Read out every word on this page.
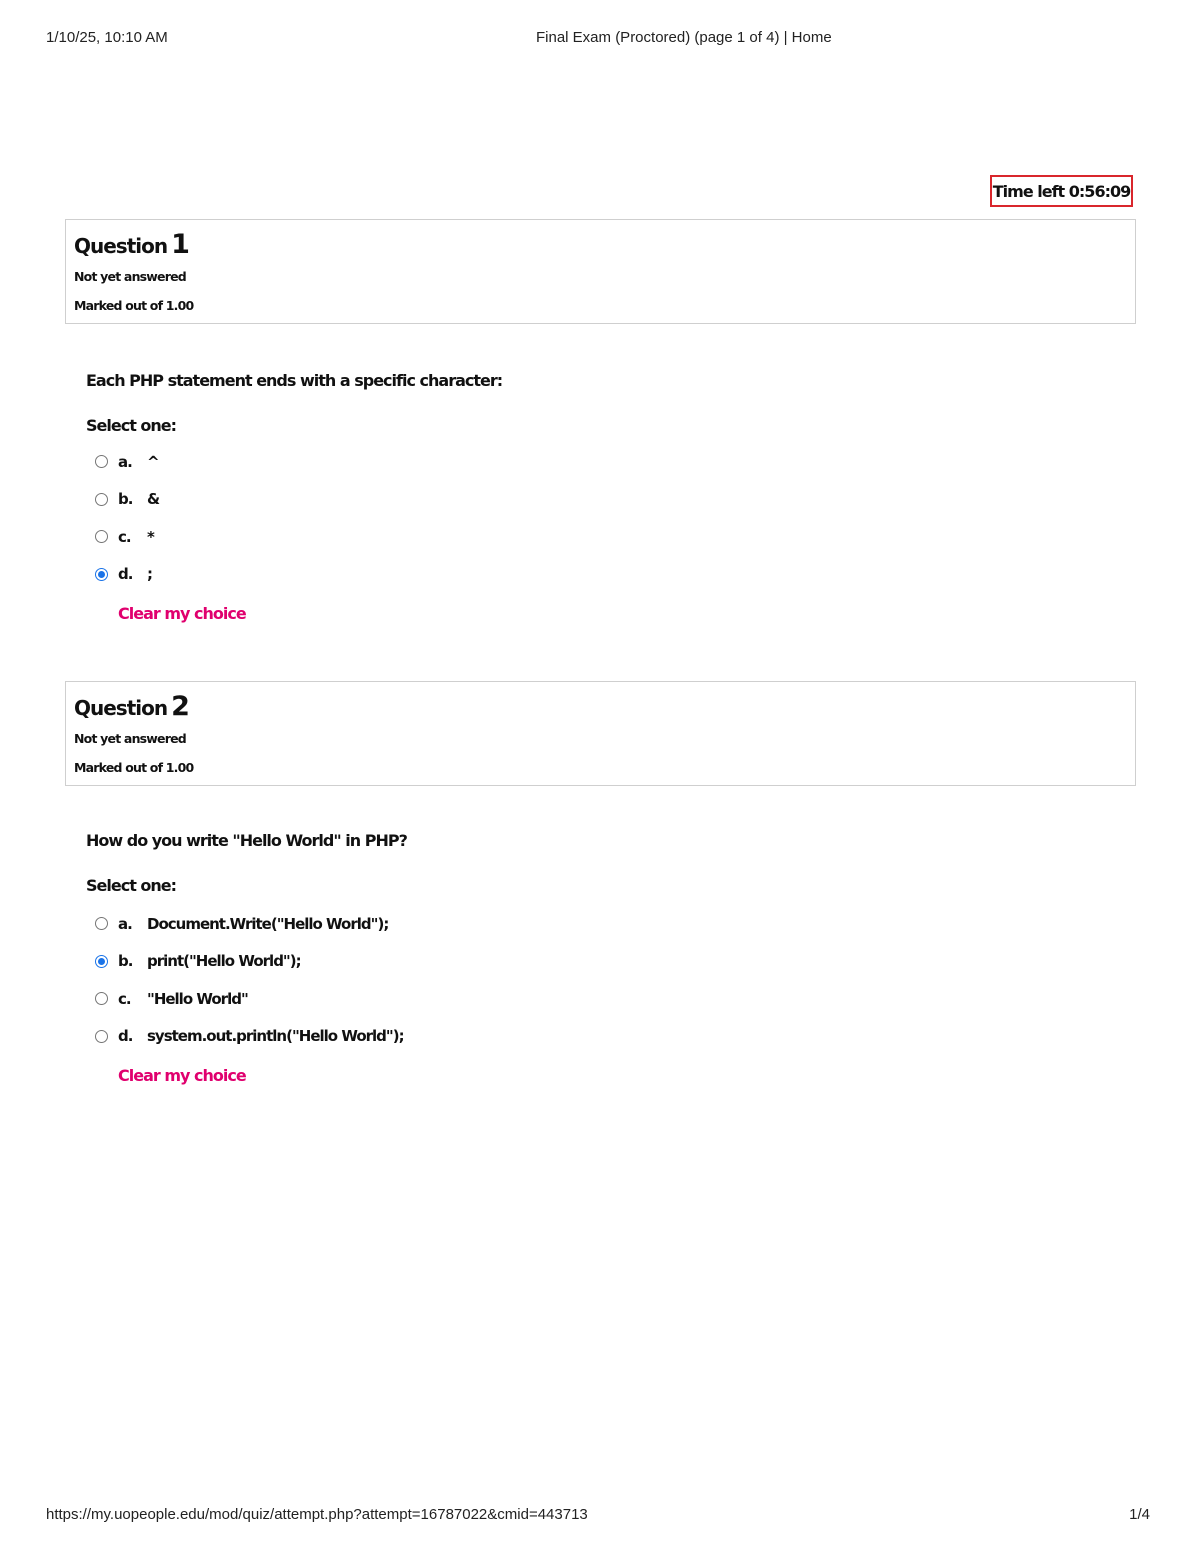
1/10/25, 10:10 AM	Final Exam (Proctored) (page 1 of 4) | Home
Time left 0:56:09
Question 1
Not yet answered
Marked out of 1.00
Each PHP statement ends with a specific character:
Select one:
a.	^
b. &
c.	*
d. ;
Clear my choice
Question 2
Not yet answered
Marked out of 1.00
How do you write "Hello World" in PHP?
Select one:
a.	Document.Write("Hello World");
b. print("Hello World");
c.	"Hello World"
d. system.out.println("Hello World");
Clear my choice
https://my.uopeople.edu/mod/quiz/attempt.php?attempt=16787022&cmid=443713	1/4
